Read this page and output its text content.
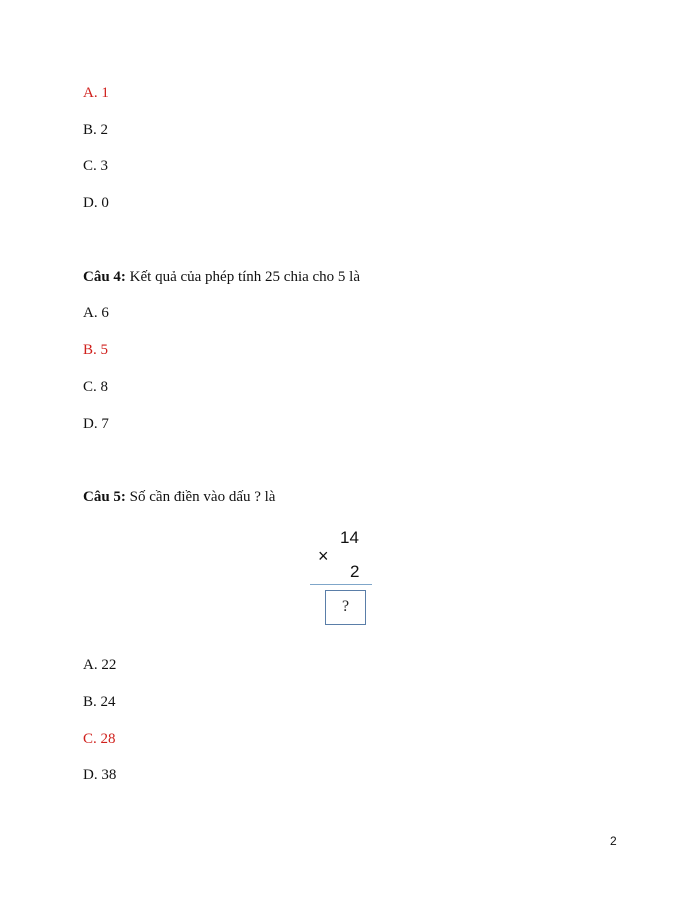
A. 1
B. 2
C. 3
D. 0
Câu 4: Kết quả của phép tính 25 chia cho 5 là
A. 6
B. 5
C. 8
D. 7
Câu 5: Số cần điền vào dấu ? là
14
×
2
?
A. 22
B. 24
C. 28
D. 38
2
